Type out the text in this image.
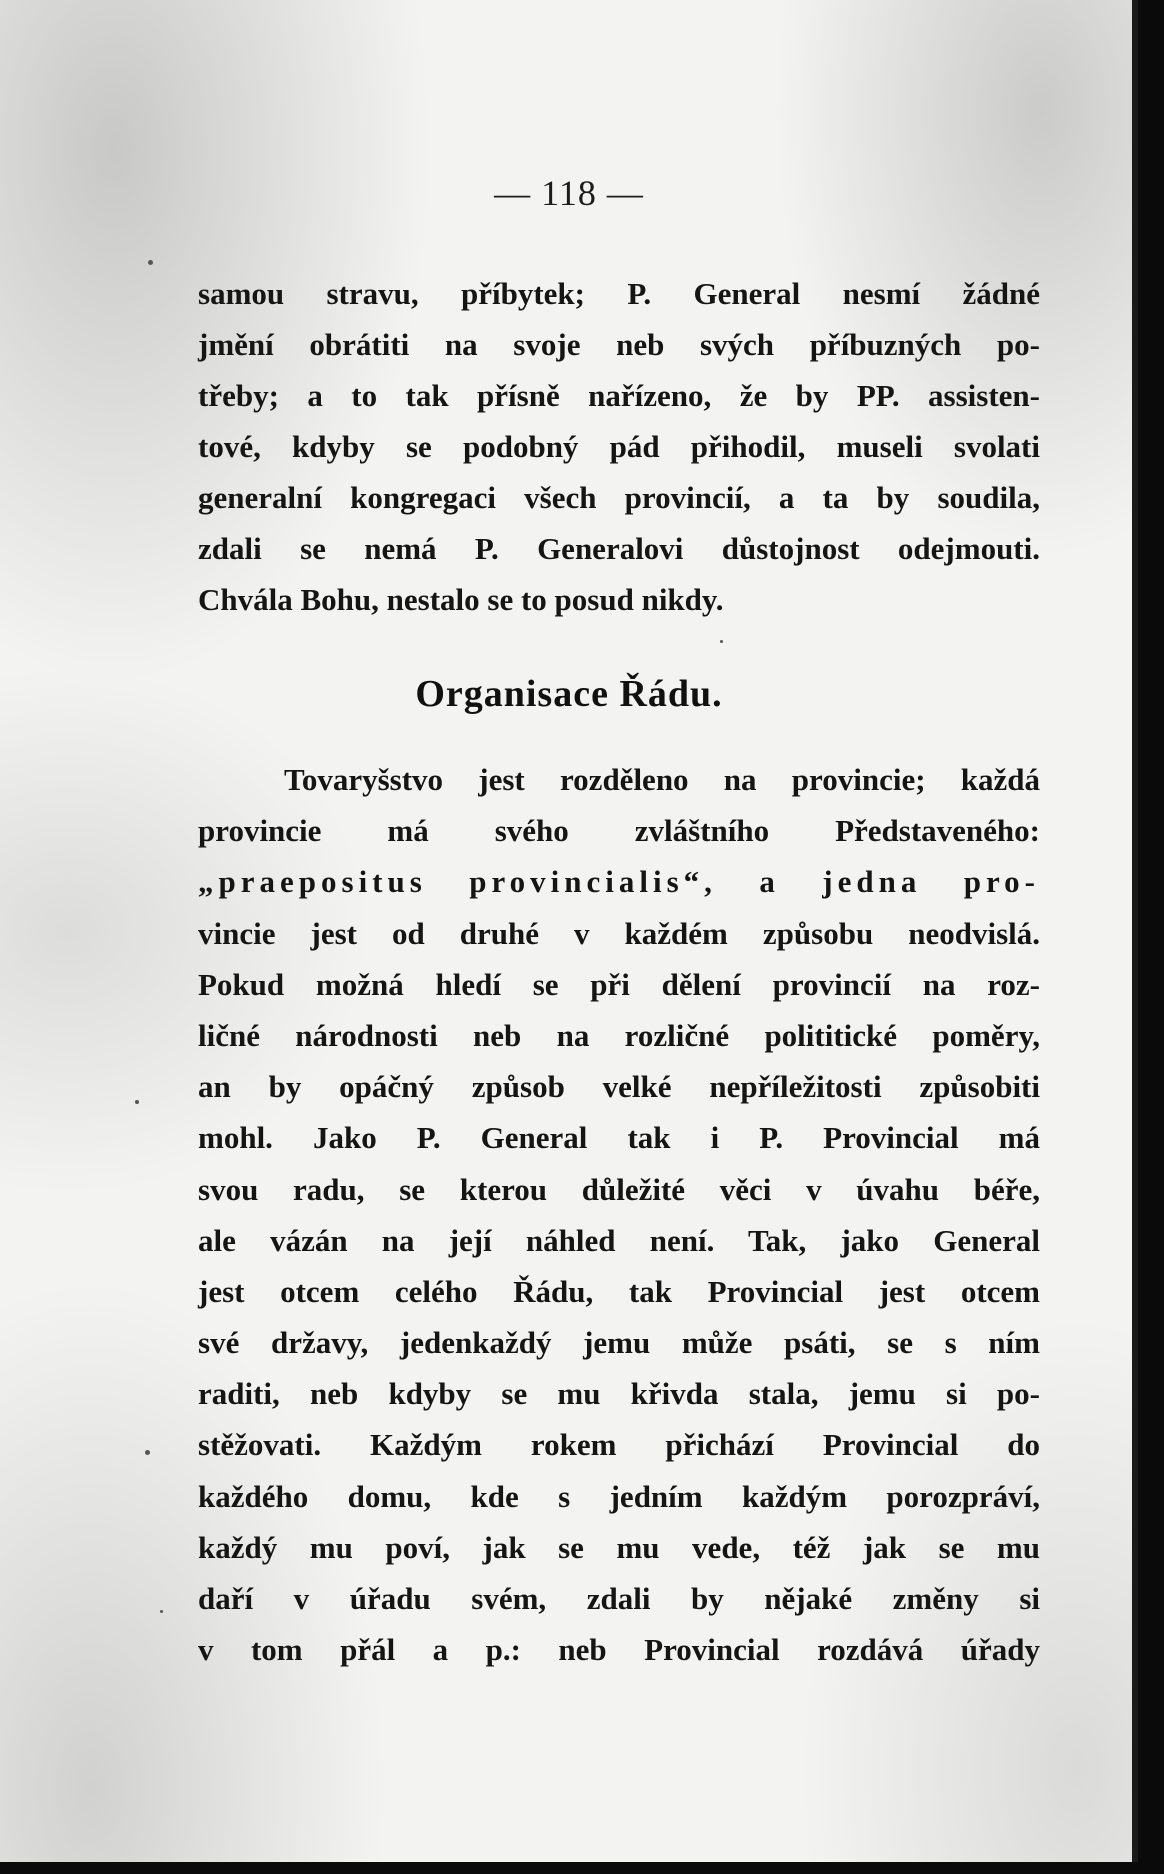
— 118 —
samou stravu, příbytek; P. General nesmí žádné
jmění obrátiti na svoje neb svých příbuzných po-
třeby; a to tak přísně nařízeno, že by PP. assisten-
tové, kdyby se podobný pád přihodil, museli svolati
generalní kongregaci všech provincií, a ta by soudila,
zdali se nemá P. Generalovi důstojnost odejmouti.
Chvála Bohu, nestalo se to posud nikdy.
Organisace Řádu.
Tovaryšstvo jest rozděleno na provincie; každá
provincie má svého zvláštního Představeného:
„praepositus provincialis“, a jedna pro-
vincie jest od druhé v každém způsobu neodvislá.
Pokud možná hledí se při dělení provincií na roz-
ličné národnosti neb na rozličné polititické poměry,
an by opáčný způsob velké nepříležitosti způsobiti
mohl. Jako P. General tak i P. Provincial má
svou radu, se kterou důležité věci v úvahu béře,
ale vázán na její náhled není. Tak, jako General
jest otcem celého Řádu, tak Provincial jest otcem
své državy, jedenkaždý jemu může psáti, se s ním
raditi, neb kdyby se mu křivda stala, jemu si po-
stěžovati. Každým rokem přichází Provincial do
každého domu, kde s jedním každým porozpráví,
každý mu poví, jak se mu vede, též jak se mu
daří v úřadu svém, zdali by nějaké změny si
v tom přál a p.: neb Provincial rozdává úřady
